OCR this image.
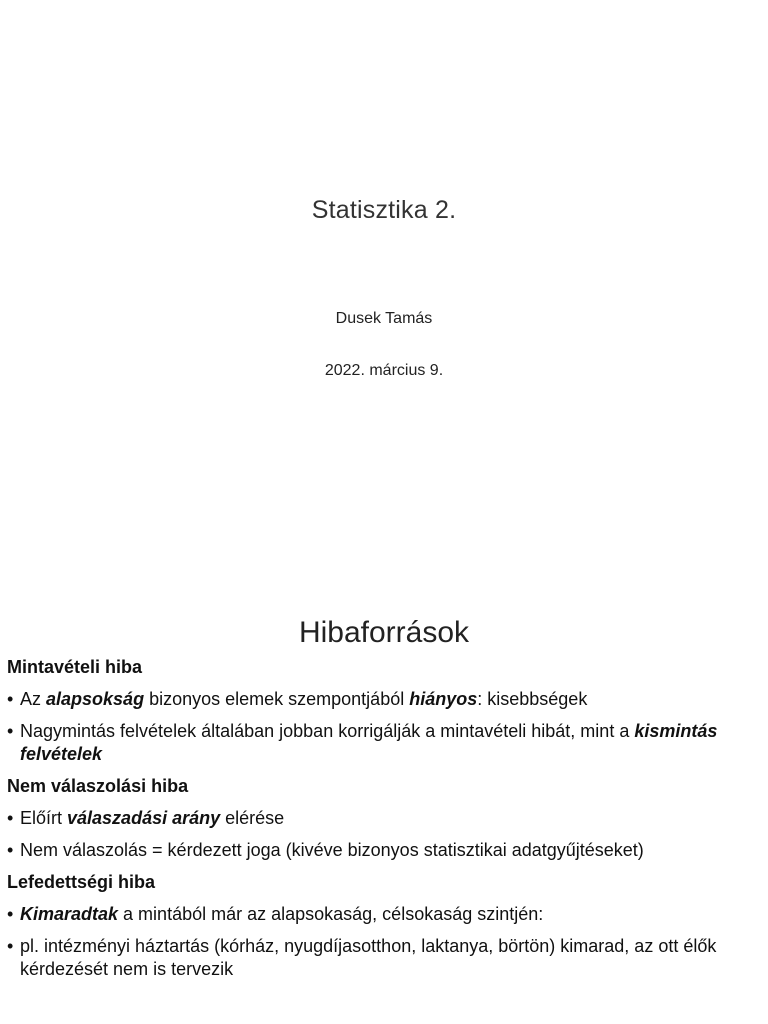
Statisztika 2.
Dusek Tamás
2022. március 9.
Hibaforrások
Mintavételi hiba
• Az alapsokság bizonyos elemek szempontjából hiányos: kisebbségek
• Nagymintás felvételek általában jobban korrigálják a mintavételi hibát, mint a kismintás felvételek
Nem válaszolási hiba
• Előírt válaszadási arány elérése
• Nem válaszolás = kérdezett joga (kivéve bizonyos statisztikai adatgyűjtéseket)
Lefedettségi hiba
• Kimaradtak a mintából már az alapsokaság, célsokaság szintjén:
• pl. intézményi háztartás (kórház, nyugdíjasotthon, laktanya, börtön) kimarad, az ott élők kérdezését nem is tervezik
